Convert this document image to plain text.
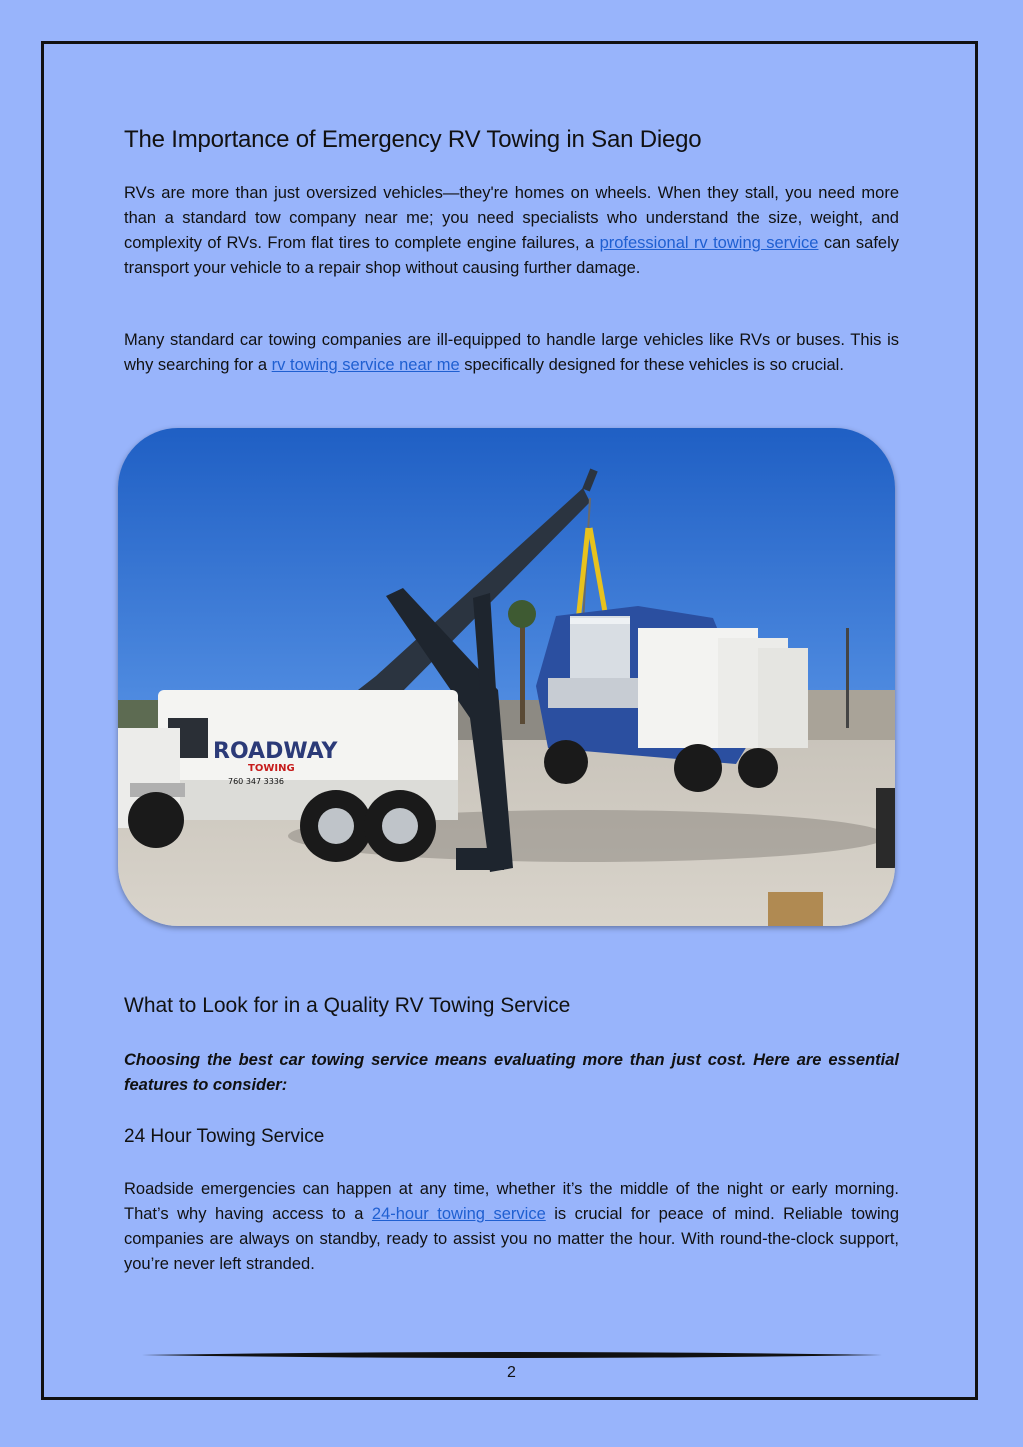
The Importance of Emergency RV Towing in San Diego

RVs are more than just oversized vehicles—they're homes on wheels. When they stall, you need more than a standard tow company near me; you need specialists who understand the size, weight, and complexity of RVs. From flat tires to complete engine failures, a professional rv towing service can safely transport your vehicle to a repair shop without causing further damage.

Many standard car towing companies are ill-equipped to handle large vehicles like RVs or buses. This is why searching for a rv towing service near me specifically designed for these vehicles is so crucial.

ROADWAY
TOWING
760 347 3336
What to Look for in a Quality RV Towing Service

Choosing the best car towing service means evaluating more than just cost. Here are essential features to consider:

24 Hour Towing Service

Roadside emergencies can happen at any time, whether it’s the middle of the night or early morning. That’s why having access to a 24-hour towing service is crucial for peace of mind. Reliable towing companies are always on standby, ready to assist you no matter the hour. With round-the-clock support, you’re never left stranded.

2
